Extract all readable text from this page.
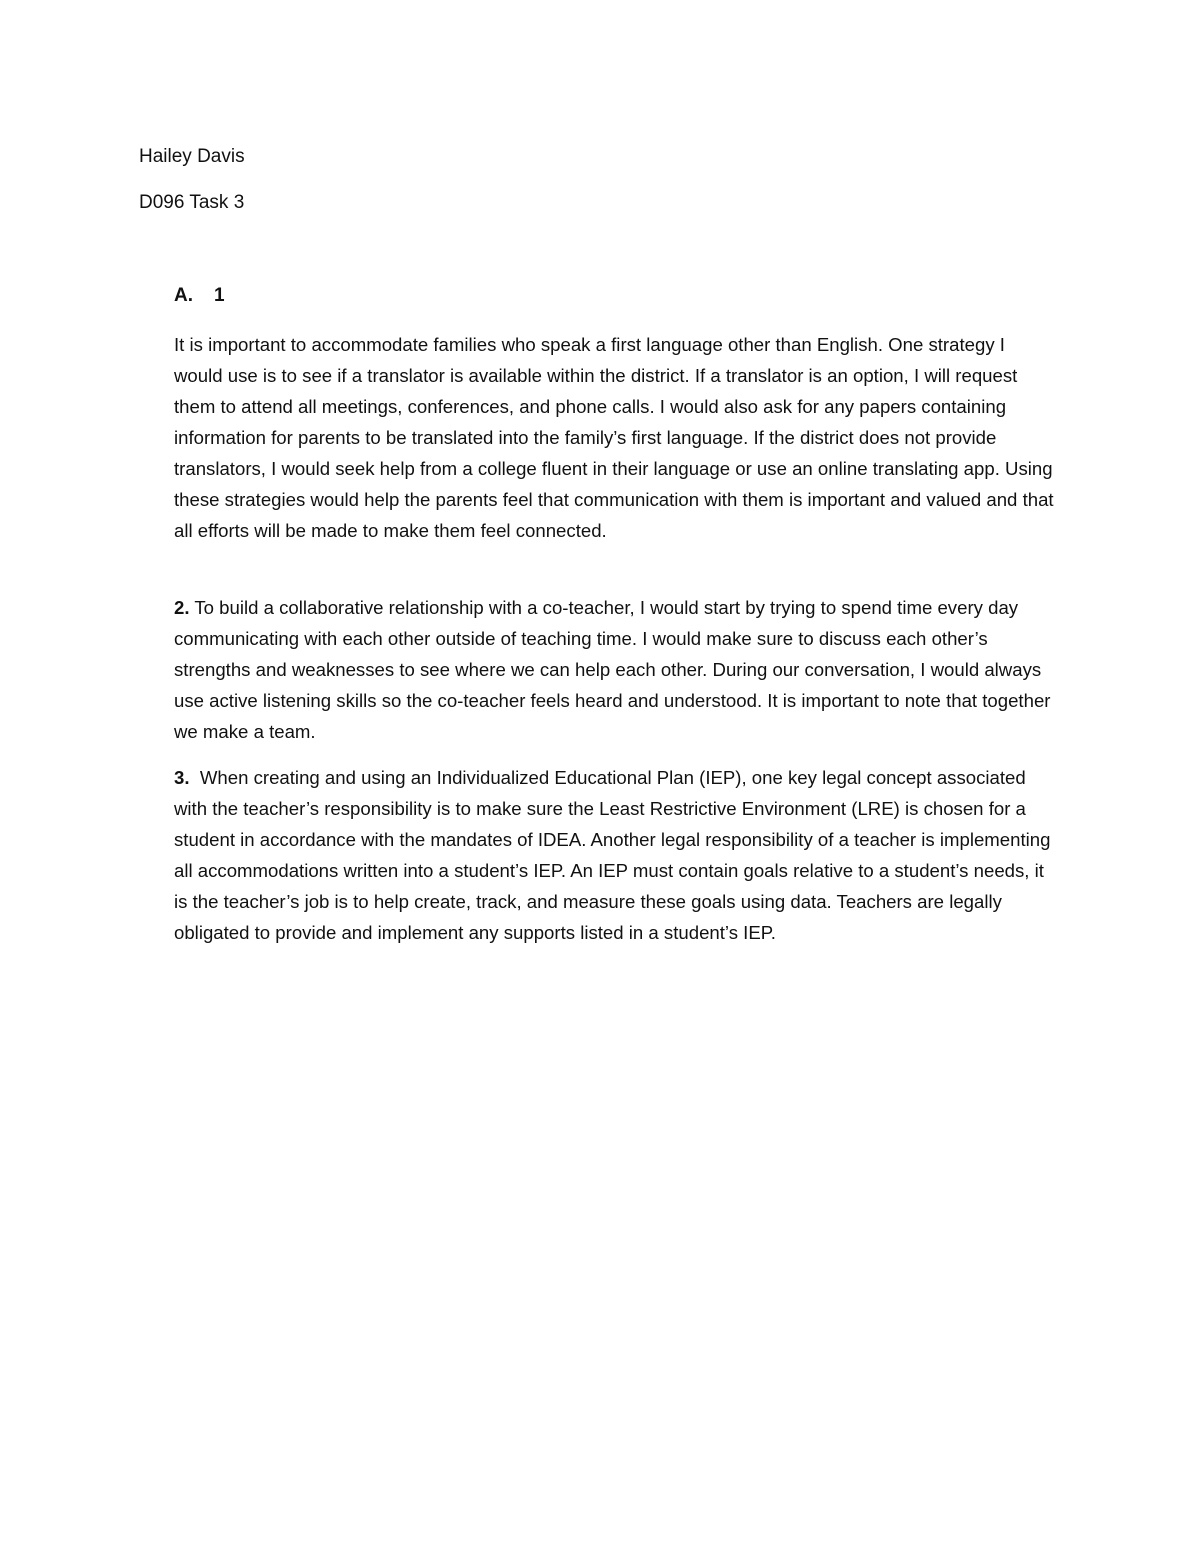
Hailey Davis
D096 Task 3
A. 1

It is important to accommodate families who speak a first language other than English. One strategy I would use is to see if a translator is available within the district. If a translator is an option, I will request them to attend all meetings, conferences, and phone calls. I would also ask for any papers containing information for parents to be translated into the family’s first language. If the district does not provide translators, I would seek help from a college fluent in their language or use an online translating app. Using these strategies would help the parents feel that communication with them is important and valued and that all efforts will be made to make them feel connected.

2. To build a collaborative relationship with a co-teacher, I would start by trying to spend time every day communicating with each other outside of teaching time. I would make sure to discuss each other’s strengths and weaknesses to see where we can help each other. During our conversation, I would always use active listening skills so the co-teacher feels heard and understood. It is important to note that together we make a team.

3. When creating and using an Individualized Educational Plan (IEP), one key legal concept associated with the teacher’s responsibility is to make sure the Least Restrictive Environment (LRE) is chosen for a student in accordance with the mandates of IDEA. Another legal responsibility of a teacher is implementing all accommodations written into a student’s IEP. An IEP must contain goals relative to a student’s needs, it is the teacher’s job is to help create, track, and measure these goals using data. Teachers are legally obligated to provide and implement any supports listed in a student’s IEP.
